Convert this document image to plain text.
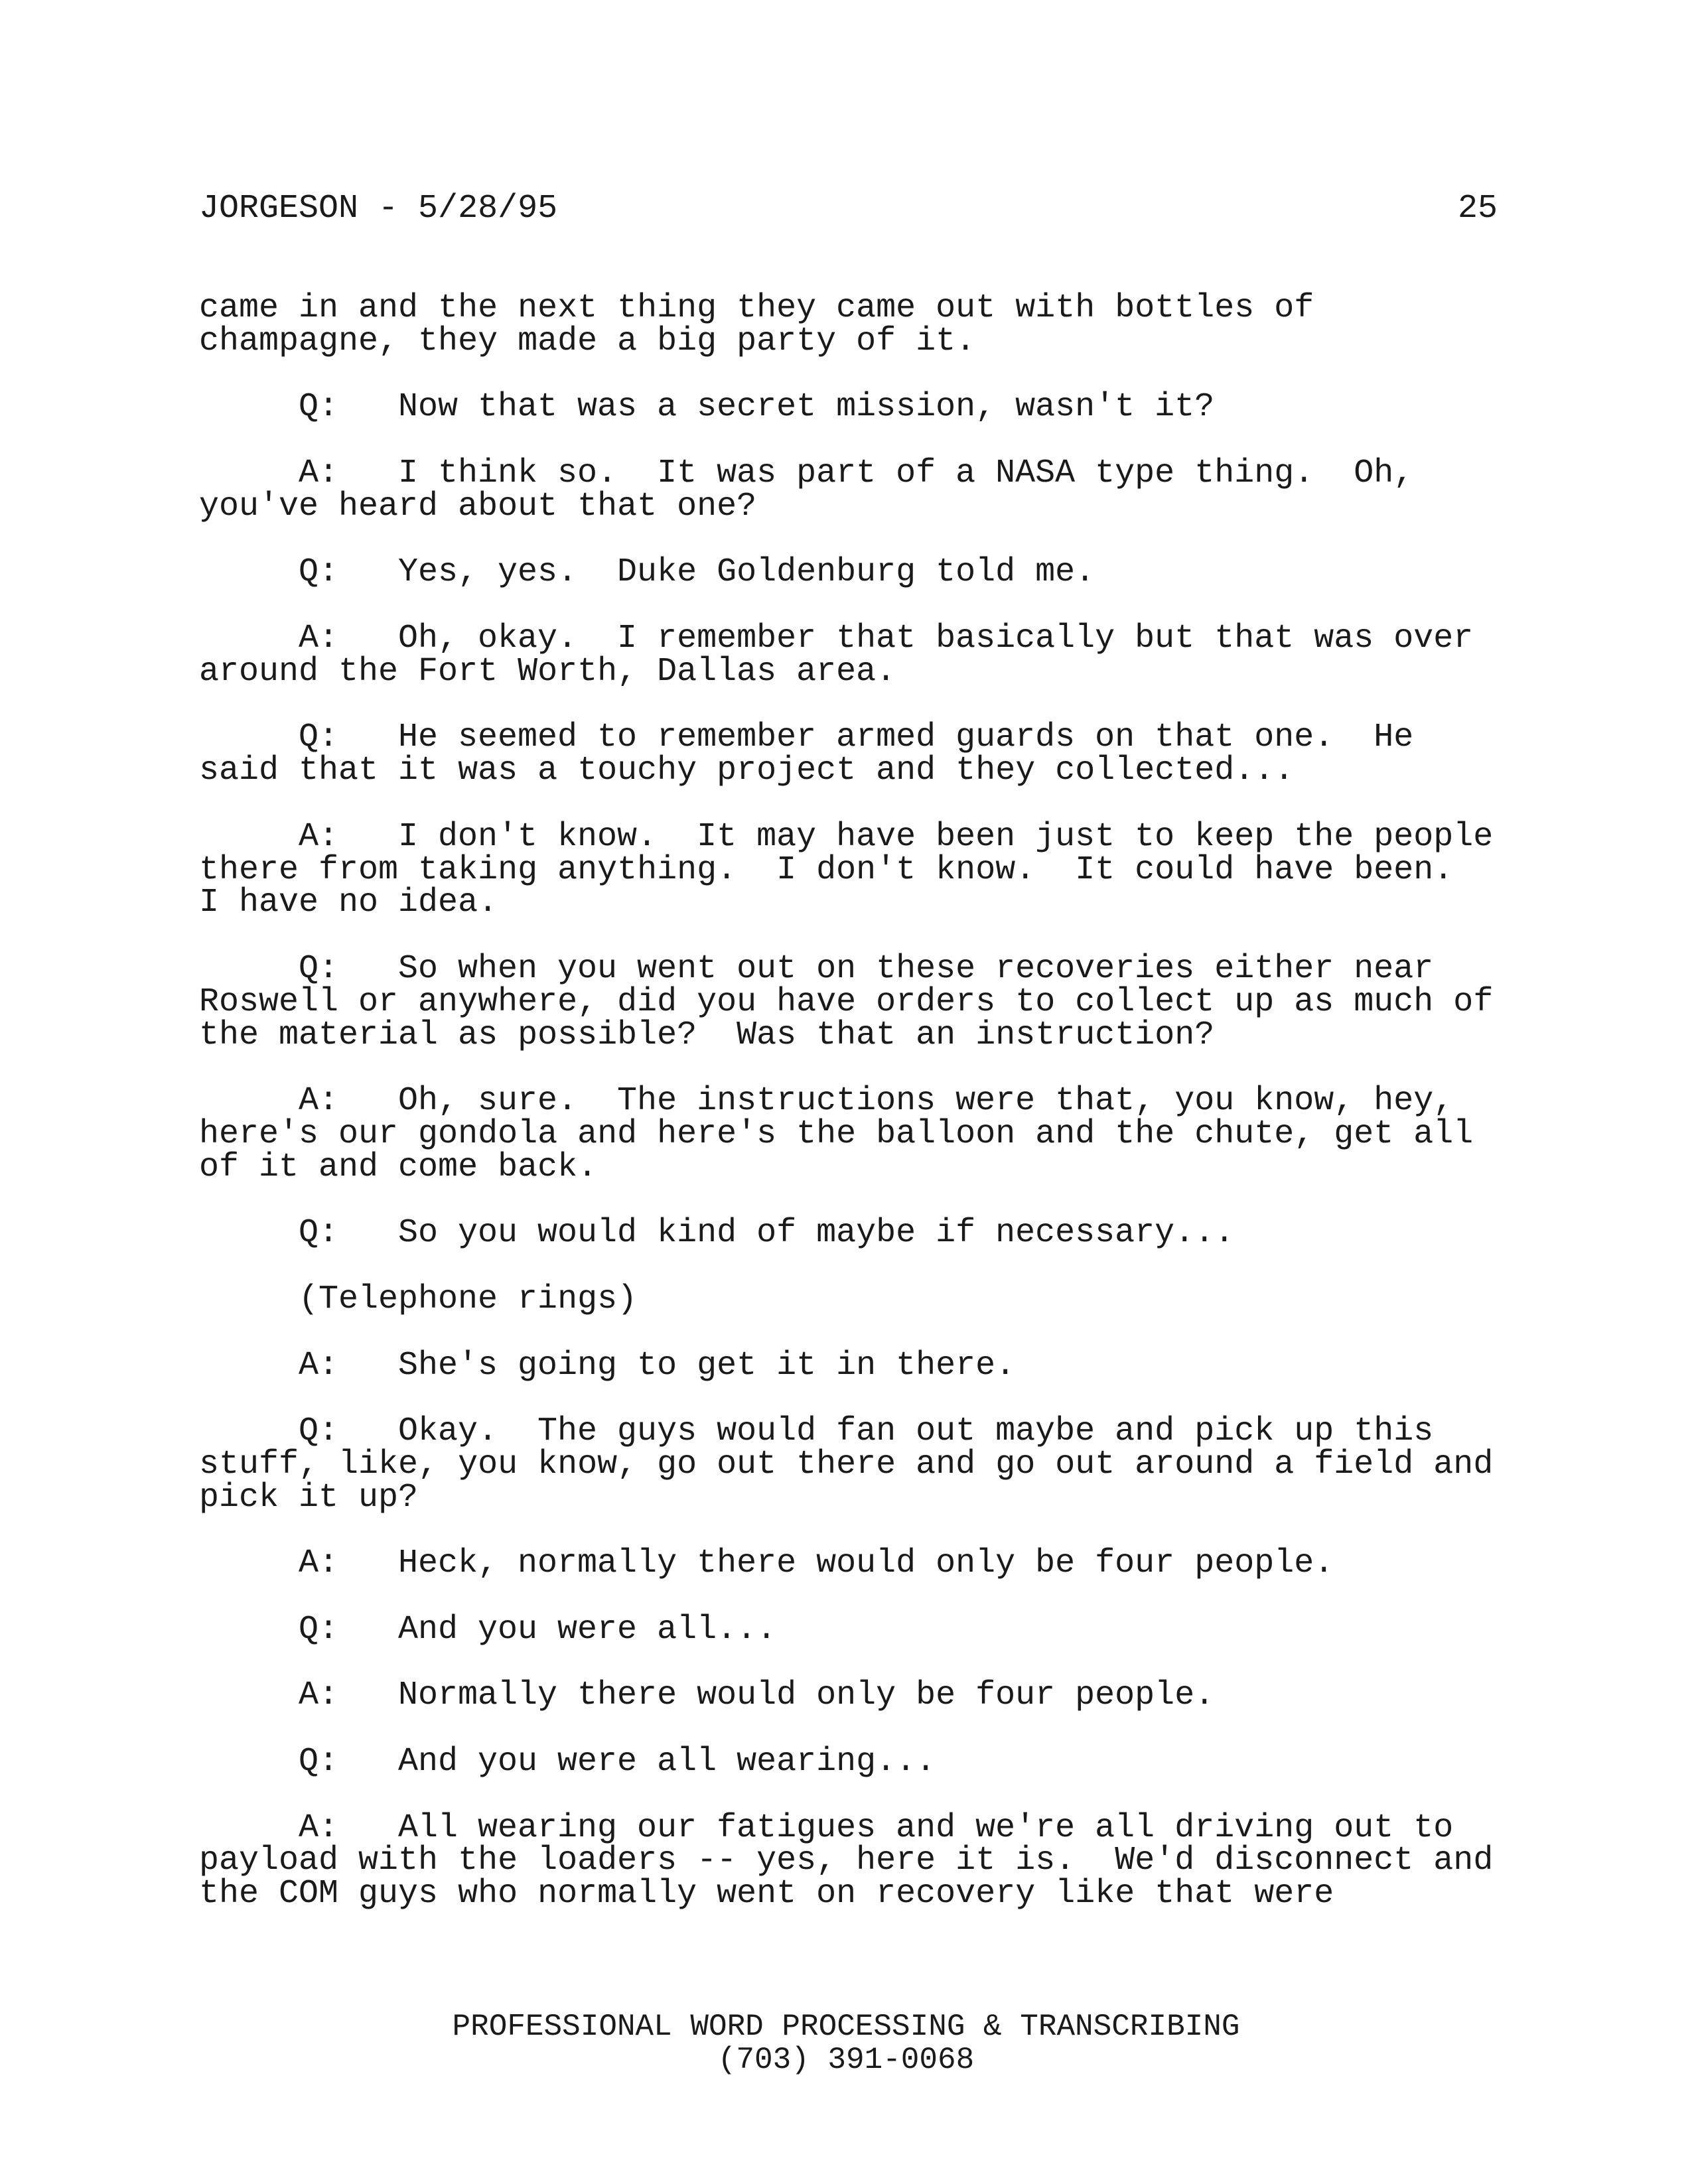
JORGESON - 5/28/95	25
came in and the next thing they came out with bottles of
champagne, they made a big party of it.
Q: Now that was a secret mission, wasn't it?
A: I think so.  It was part of a NASA type thing.  Oh,
you've heard about that one?
Q: Yes, yes.  Duke Goldenburg told me.
A: Oh, okay.  I remember that basically but that was over
around the Fort Worth, Dallas area.
Q: He seemed to remember armed guards on that one.  He
said that it was a touchy project and they collected...
A: I don't know.  It may have been just to keep the people
there from taking anything.  I don't know.  It could have been.
I have no idea.
Q: So when you went out on these recoveries either near
Roswell or anywhere, did you have orders to collect up as much of
the material as possible?  Was that an instruction?
A: Oh, sure.  The instructions were that, you know, hey,
here's our gondola and here's the balloon and the chute, get all
of it and come back.
Q: So you would kind of maybe if necessary...
(Telephone rings)
A: She's going to get it in there.
Q: Okay.  The guys would fan out maybe and pick up this
stuff, like, you know, go out there and go out around a field and
pick it up?
A: Heck, normally there would only be four people.
Q: And you were all...
A: Normally there would only be four people.
Q: And you were all wearing...
A: All wearing our fatigues and we're all driving out to
payload with the loaders -- yes, here it is.  We'd disconnect and
the COM guys who normally went on recovery like that were
PROFESSIONAL WORD PROCESSING & TRANSCRIBING
(703) 391-0068
